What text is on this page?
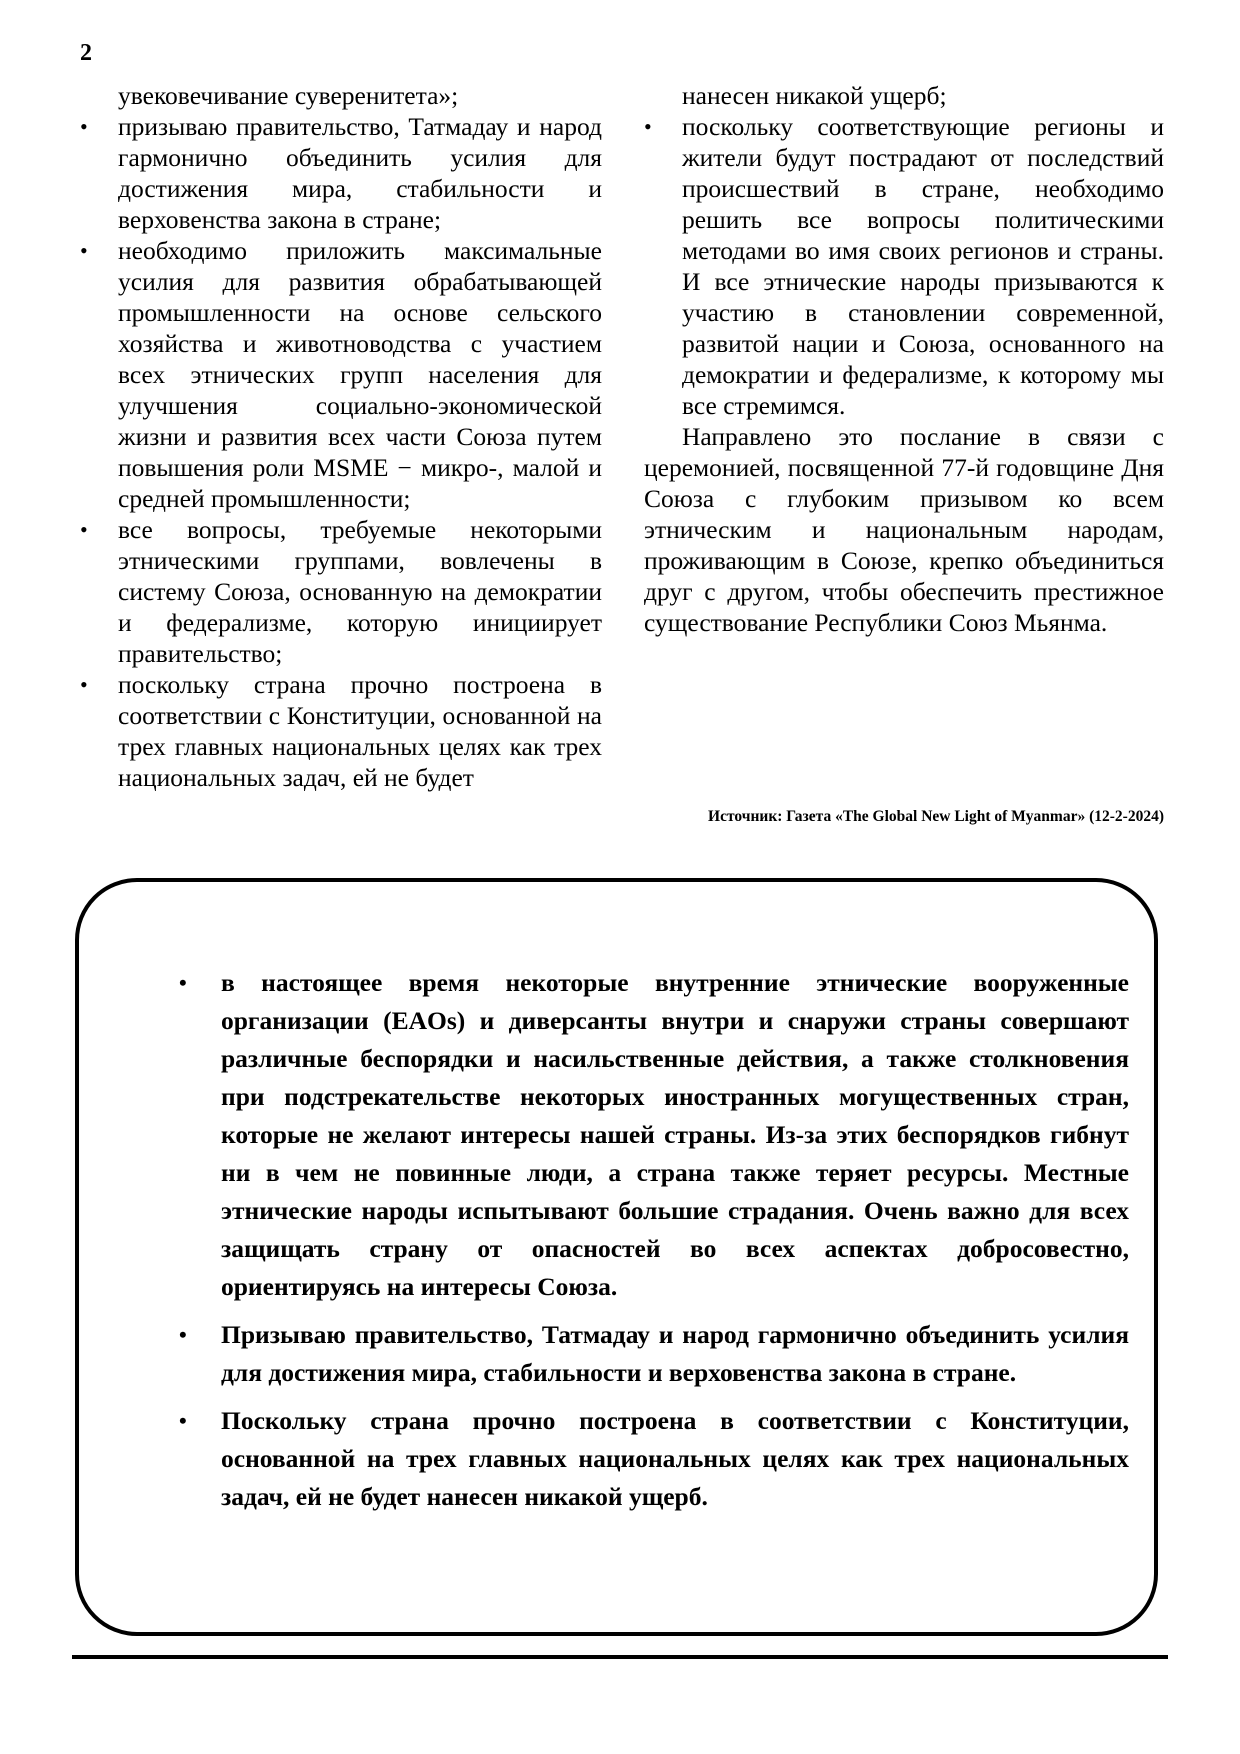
2

увековечивание суверенитета»;

• призываю правительство, Татмадау и народ гармонично объединить усилия для достижения мира, стабильности и верховенства закона в стране;
• необходимо приложить максимальные усилия для развития обрабатывающей промышленности на основе сельского хозяйства и животноводства с участием всех этнических групп населения для улучшения социально-экономической жизни и развития всех части Союза путем повышения роли MSME − микро-, малой и средней промышленности;
• все вопросы, требуемые некоторыми этническими группами, вовлечены в систему Союза, основанную на демократии и федерализме, которую инициирует правительство;
• поскольку страна прочно построена в соответствии с Конституции, основанной на трех главных национальных целях как трех национальных задач, ей не будет

нанесен никакой ущерб;

• поскольку соответствующие регионы и жители будут пострадают от последствий происшествий в стране, необходимо решить все вопросы политическими методами во имя своих регионов и страны. И все этнические народы призываются к участию в становлении современной, развитой нации и Союза, основанного на демократии и федерализме, к которому мы все стремимся.

Направлено это послание в связи с церемонией, посвященной 77-й годовщине Дня Союза с глубоким призывом ко всем этническим и национальным народам, проживающим в Союзе, крепко объединиться друг с другом, чтобы обеспечить престижное существование Республики Союз Мьянма.

Источник: Газета «The Global New Light of Myanmar» (12-2-2024)
• в настоящее время некоторые внутренние этнические вооруженные организации (EAOs) и диверсанты внутри и снаружи страны совершают различные беспорядки и насильственные действия, а также столкновения при подстрекательстве некоторых иностранных могущественных стран, которые не желают интересы нашей страны. Из-за этих беспорядков гибнут ни в чем не повинные люди, а страна также теряет ресурсы. Местные этнические народы испытывают большие страдания. Очень важно для всех защищать страну от опасностей во всех аспектах добросовестно, ориентируясь на интересы Союза.
• Призываю правительство, Татмадау и народ гармонично объединить усилия для достижения мира, стабильности и верховенства закона в стране.
• Поскольку страна прочно построена в соответствии с Конституции, основанной на трех главных национальных целях как трех национальных задач, ей не будет нанесен никакой ущерб.
